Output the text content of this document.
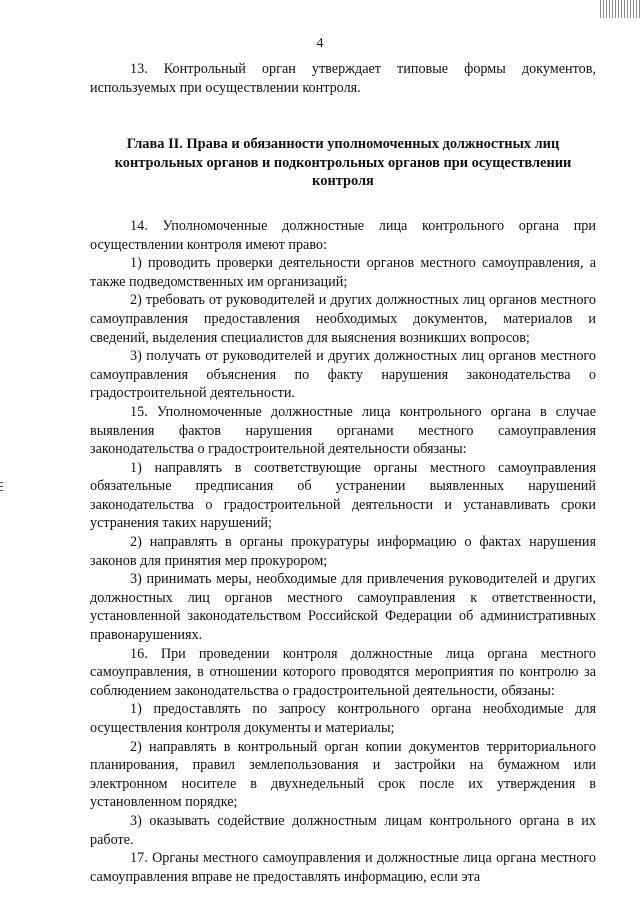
4

13. Контрольный орган утверждает типовые формы документов, используемых при осуществлении контроля.

Глава II. Права и обязанности уполномоченных должностных лиц контрольных органов и подконтрольных органов при осуществлении контроля

14. Уполномоченные должностные лица контрольного органа при осуществлении контроля имеют право:

1) проводить проверки деятельности органов местного самоуправления, а также подведомственных им организаций;

2) требовать от руководителей и других должностных лиц органов местного самоуправления предоставления необходимых документов, материалов и сведений, выделения специалистов для выяснения возникших вопросов;

3) получать от руководителей и других должностных лиц органов местного самоуправления объяснения по факту нарушения законодательства о градостроительной деятельности.

15. Уполномоченные должностные лица контрольного органа в случае выявления фактов нарушения органами местного самоуправления законодательства о градостроительной деятельности обязаны:

1) направлять в соответствующие органы местного самоуправления обязательные предписания об устранении выявленных нарушений законодательства о градостроительной деятельности и устанавливать сроки устранения таких нарушений;

2) направлять в органы прокуратуры информацию о фактах нарушения законов для принятия мер прокурором;

3) принимать меры, необходимые для привлечения руководителей и других должностных лиц органов местного самоуправления к ответственности, установленной законодательством Российской Федерации об административных правонарушениях.

16. При проведении контроля должностные лица органа местного самоуправления, в отношении которого проводятся мероприятия по контролю за соблюдением законодательства о градостроительной деятельности, обязаны:

1) предоставлять по запросу контрольного органа необходимые для осуществления контроля документы и материалы;

2) направлять в контрольный орган копии документов территориального планирования, правил землепользования и застройки на бумажном или электронном носителе в двухнедельный срок после их утверждения в установленном порядке;

3) оказывать содействие должностным лицам контрольного органа в их работе.

17. Органы местного самоуправления и должностные лица органа местного самоуправления вправе не предоставлять информацию, если эта
